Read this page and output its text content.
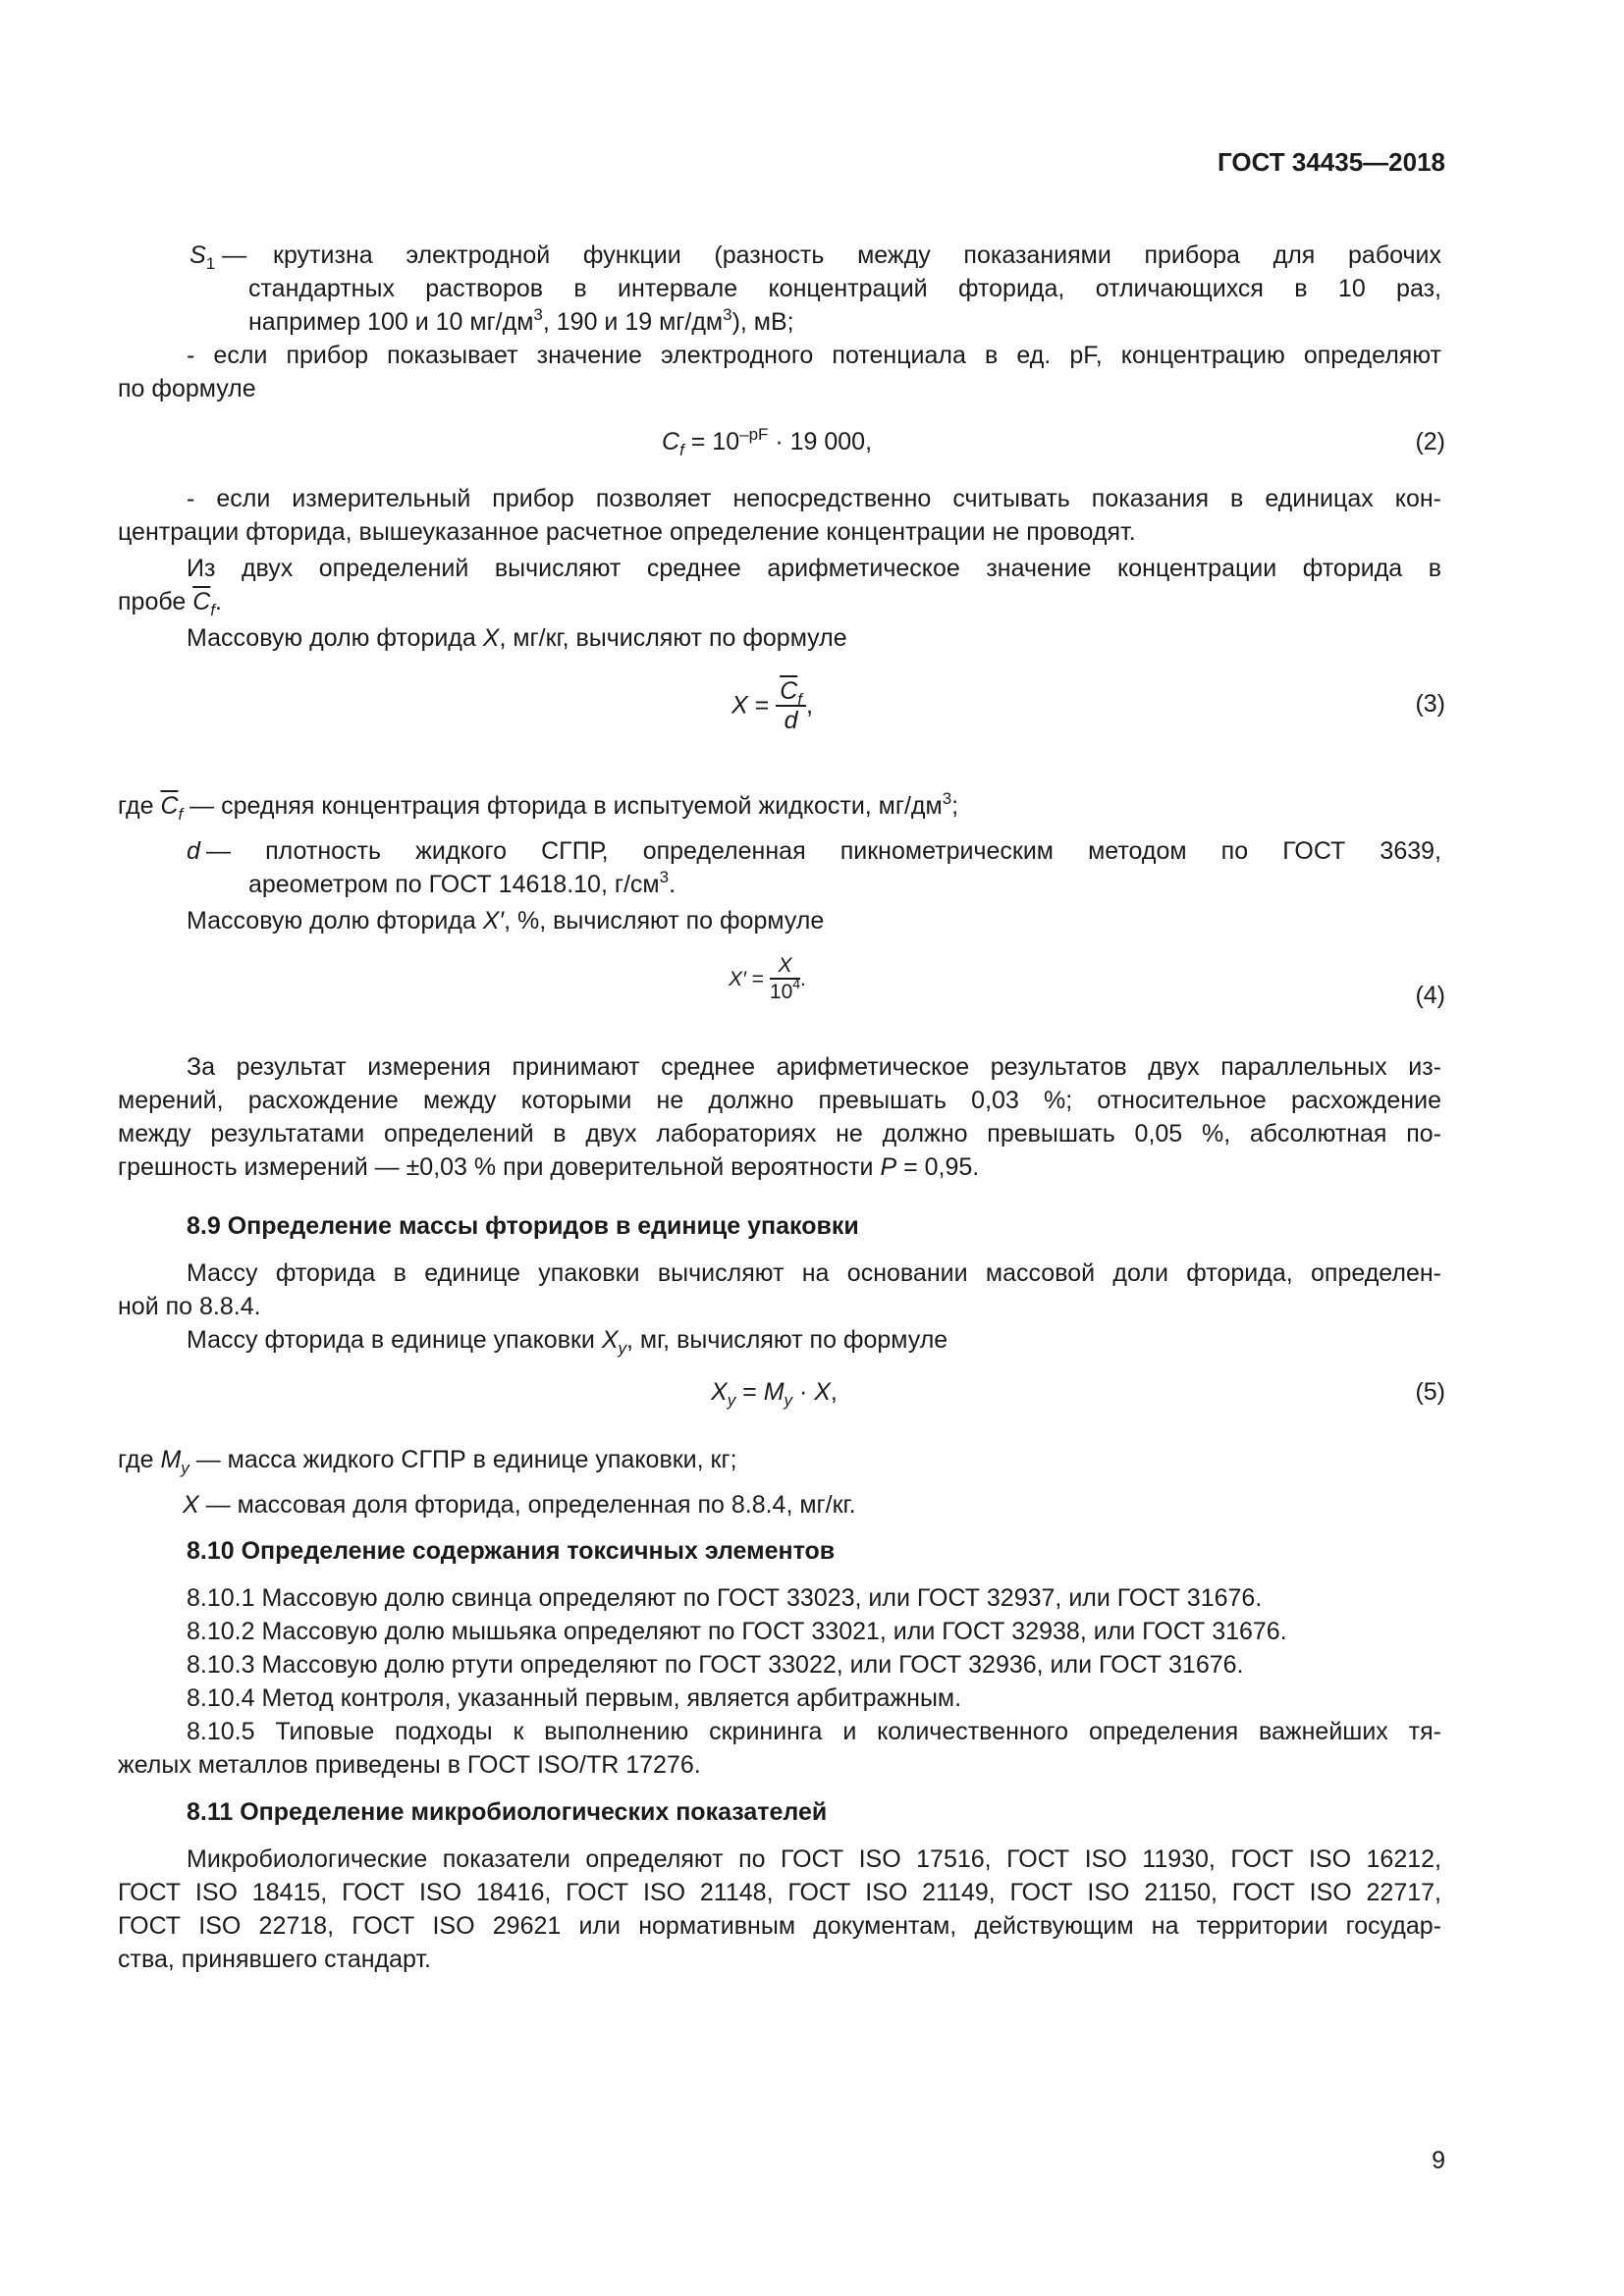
ГОСТ 34435—2018
$S_1$ — крутизна электродной функции (разность между показаниями прибора для рабочих
стандартных растворов в интервале концентраций фторида, отличающихся в 10 раз,
например 100 и 10 $мг/дм^3$, 190 и 19 $мг/дм^3$), мВ;
- если прибор показывает значение электродного потенциала в ед. pF, концентрацию определяют
по формуле
$C_f = 10^{-pF} \cdot 19$ 000,	(2)
- если измерительный прибор позволяет непосредственно считывать показания в единицах кон-
центрации фторида, вышеуказанное расчетное определение концентрации не проводят.
Из двух определений вычисляют среднее арифметическое значение концентрации фторида в
пробе $\overline{C}_f$.
Массовую долю фторида X, мг/кг, вычисляют по формуле
$X = \frac{\overline{C}_f}{d}$ ,	(3)
где $\overline{C}_f$ — средняя концентрация фторида в испытуемой жидкости, $мг/дм^3$;
d — плотность жидкого СГПР, определенная пикнометрическим методом по ГОСТ 3639,
ареометром по ГОСТ 14618.10, $г/см^3$.
Массовую долю фторида X′, %, вычисляют по формуле
$X' = \frac{X}{10^4}$ .
(4)
За результат измерения принимают среднее арифметическое результатов двух параллельных из-
мерений, расхождение между которыми не должно превышать 0,03 %; относительное расхождение
между результатами определений в двух лабораториях не должно превышать 0,05 %, абсолютная по-
грешность измерений — ±0,03 % при доверительной вероятности P = 0,95.
8.9 Определение массы фторидов в единице упаковки
Массу фторида в единице упаковки вычисляют на основании массовой доли фторида, определен-
ной по 8.8.4.
Массу фторида в единице упаковки $X_y$, мг, вычисляют по формуле
$X_y = M_y \cdot X$,	(5)
где $M_y$ — масса жидкого СГПР в единице упаковки, кг;
X — массовая доля фторида, определенная по 8.8.4, мг/кг.
8.10 Определение содержания токсичных элементов
8.10.1 Массовую долю свинца определяют по ГОСТ 33023, или ГОСТ 32937, или ГОСТ 31676.
8.10.2 Массовую долю мышьяка определяют по ГОСТ 33021, или ГОСТ 32938, или ГОСТ 31676.
8.10.3 Массовую долю ртути определяют по ГОСТ 33022, или ГОСТ 32936, или ГОСТ 31676.
8.10.4 Метод контроля, указанный первым, является арбитражным.
8.10.5 Типовые подходы к выполнению скрининга и количественного определения важнейших тя-
желых металлов приведены в ГОСТ ISO/TR 17276.
8.11 Определение микробиологических показателей
Микробиологические показатели определяют по ГОСТ ISO 17516, ГОСТ ISO 11930, ГОСТ ISO 16212,
ГОСТ ISO 18415, ГОСТ ISO 18416, ГОСТ ISO 21148, ГОСТ ISO 21149, ГОСТ ISO 21150, ГОСТ ISO 22717,
ГОСТ ISO 22718, ГОСТ ISO 29621 или нормативным документам, действующим на территории государ-
ства, принявшего стандарт.
9
